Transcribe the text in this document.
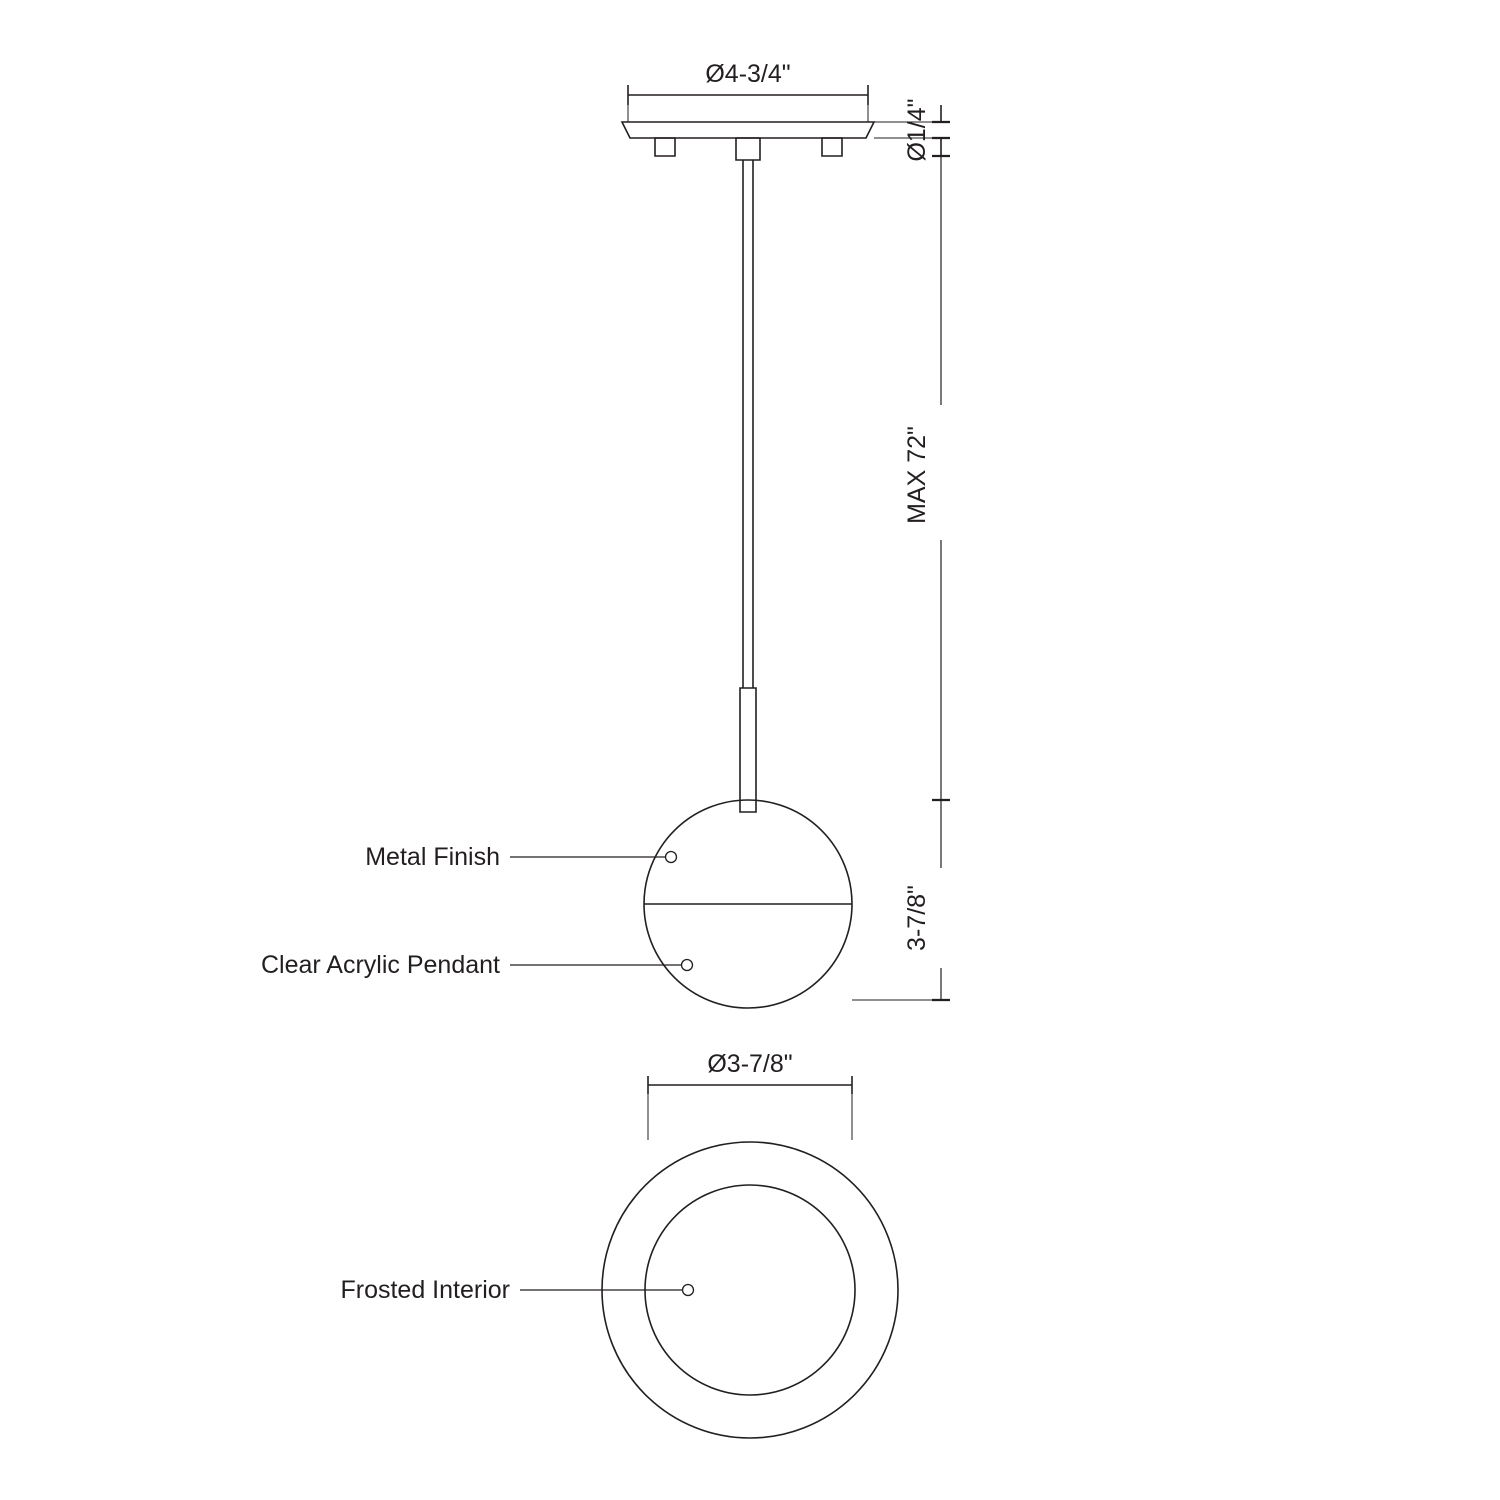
Ø4-3/4"
Ø1/4"
MAX 72"
3-7/8"
Metal Finish
Clear Acrylic Pendant
Ø3-7/8"
Frosted Interior
